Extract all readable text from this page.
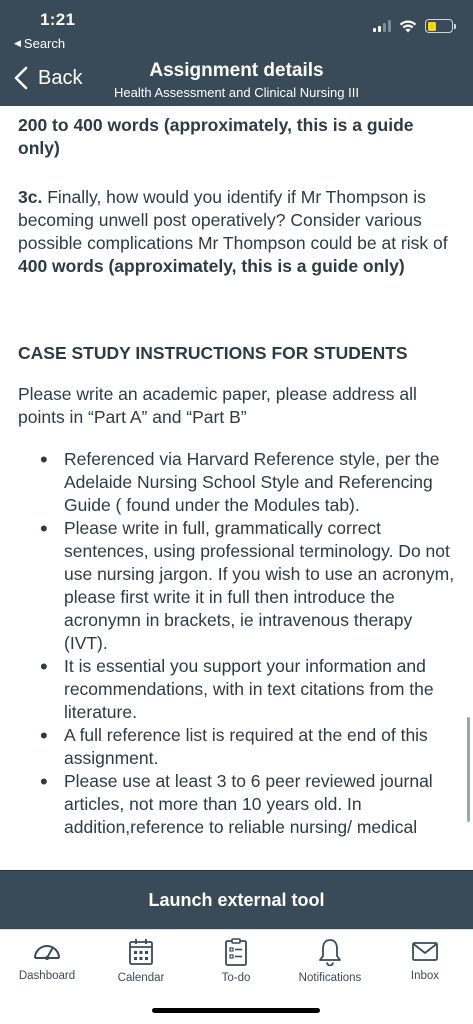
1:21
◀ Search
Back	Assignment details
Health Assessment and Clinical Nursing III

200 to 400 words (approximately, this is a guide only)

3c. Finally, how would you identify if Mr Thompson is becoming unwell post operatively? Consider various possible complications Mr Thompson could be at risk of 400 words (approximately, this is a guide only)

CASE STUDY INSTRUCTIONS FOR STUDENTS

Please write an academic paper, please address all points in “Part A” and “Part B”

• Referenced via Harvard Reference style, per the Adelaide Nursing School Style and Referencing Guide ( found under the Modules tab).
• Please write in full, grammatically correct sentences, using professional terminology. Do not use nursing jargon. If you wish to use an acronym, please first write it in full then introduce the acronymn in brackets, ie intravenous therapy (IVT).
• It is essential you support your information and recommendations, with in text citations from the literature.
• A full reference list is required at the end of this assignment.
• Please use at least 3 to 6 peer reviewed journal articles, not more than 10 years old. In addition,reference to reliable nursing/ medical
Launch external tool
Dashboard	Calendar	To-do	Notifications	Inbox
